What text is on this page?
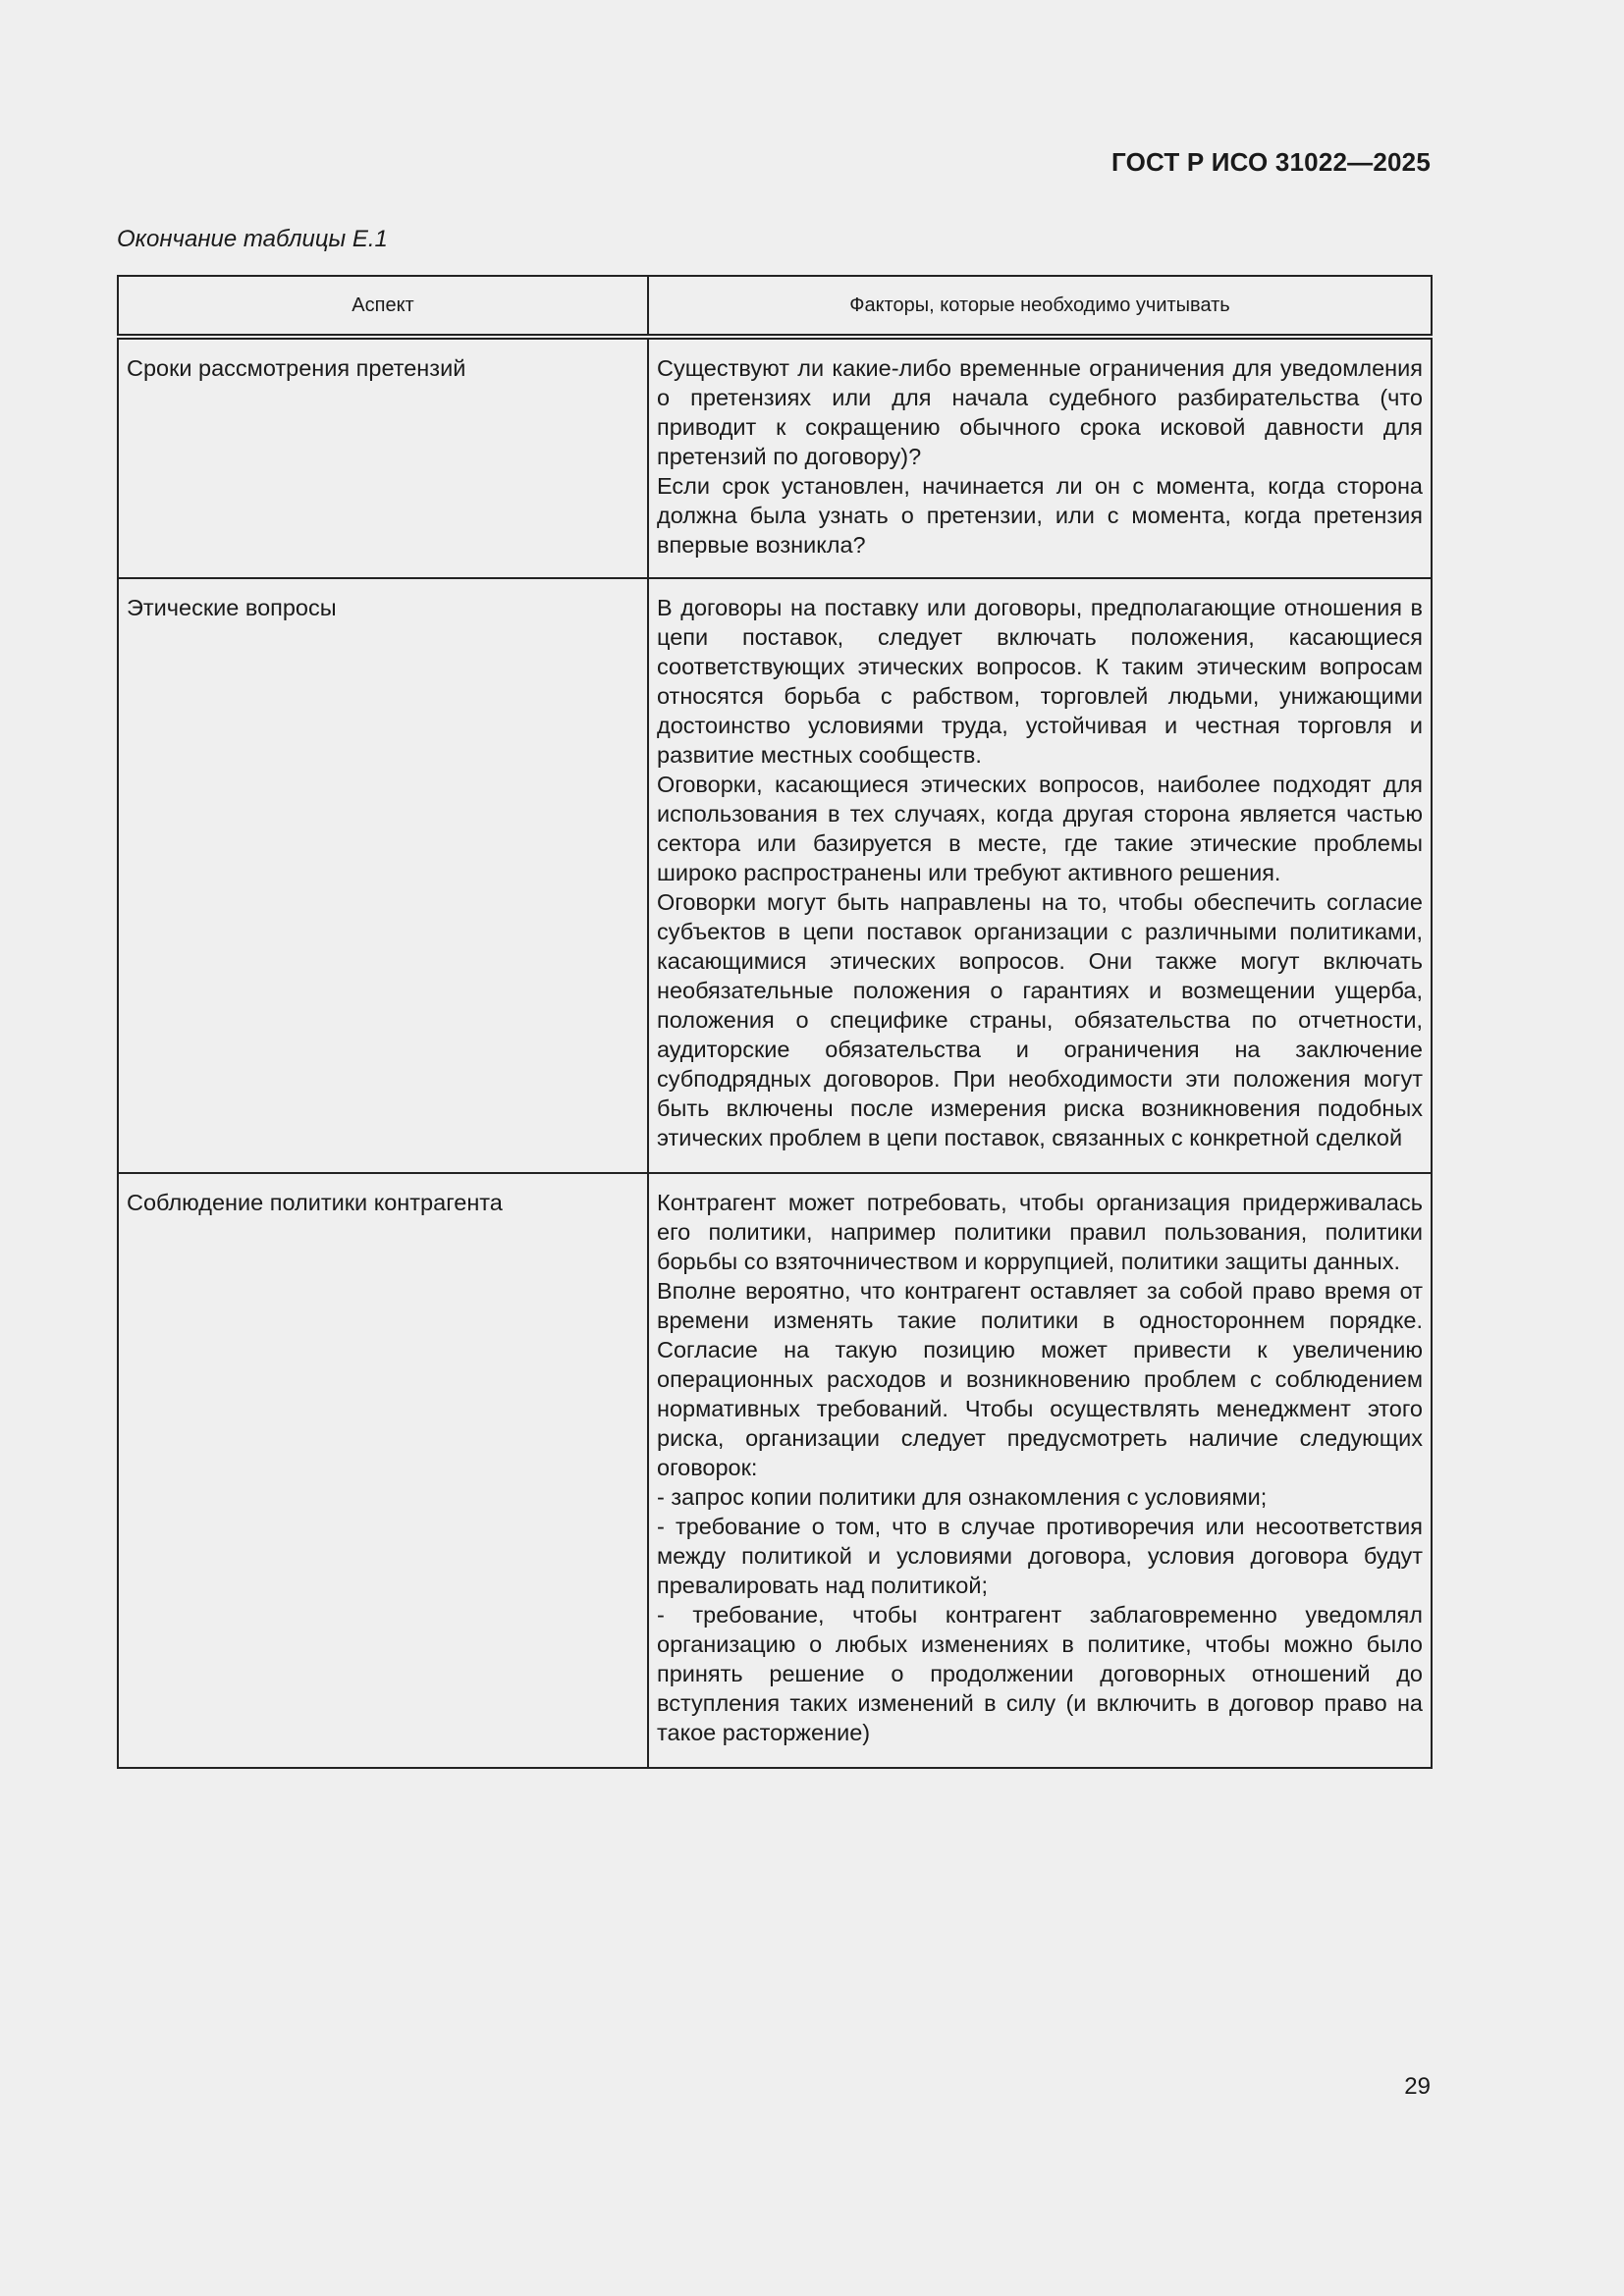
ГОСТ Р ИСО 31022—2025
Окончание таблицы Е.1
Аспект	Факторы, которые необходимо учитывать
Сроки рассмотрения претензий	Существуют ли какие-либо временные ограничения для уведомления о претензиях или для начала судебного разбирательства (что приводит к сокращению обычного срока исковой давности для претензий по договору)?

Если срок установлен, начинается ли он с момента, когда сторона должна была узнать о претензии, или с момента, когда претензия впервые возникла?

Этические вопросы	В договоры на поставку или договоры, предполагающие отношения в цепи поставок, следует включать положения, касающиеся соответствующих этических вопросов. К таким этическим вопросам относятся борьба с рабством, торговлей людьми, унижающими достоинство условиями труда, устойчивая и честная торговля и развитие местных сообществ.

Оговорки, касающиеся этических вопросов, наиболее подходят для использования в тех случаях, когда другая сторона является частью сектора или базируется в месте, где такие этические проблемы широко распространены или требуют активного решения.

Оговорки могут быть направлены на то, чтобы обеспечить согласие субъектов в цепи поставок организации с различными политиками, касающимися этических вопросов. Они также могут включать необязательные положения о гарантиях и возмещении ущерба, положения о специфике страны, обязательства по отчетности, аудиторские обязательства и ограничения на заключение субподрядных договоров. При необходимости эти положения могут быть включены после измерения риска возникновения подобных этических проблем в цепи поставок, связанных с конкретной сделкой

Соблюдение политики контрагента	Контрагент может потребовать, чтобы организация придерживалась его политики, например политики правил пользования, политики борьбы со взяточничеством и коррупцией, политики защиты данных.

Вполне вероятно, что контрагент оставляет за собой право время от времени изменять такие политики в одностороннем порядке. Согласие на такую позицию может привести к увеличению операционных расходов и возникновению проблем с соблюдением нормативных требований. Чтобы осуществлять менеджмент этого риска, организации следует предусмотреть наличие следующих оговорок:

- запрос копии политики для ознакомления с условиями;

- требование о том, что в случае противоречия или несоответствия между политикой и условиями договора, условия договора будут превалировать над политикой;

- требование, чтобы контрагент заблаговременно уведомлял организацию о любых изменениях в политике, чтобы можно было принять решение о продолжении договорных отношений до вступления таких изменений в силу (и включить в договор право на такое расторжение)

29
